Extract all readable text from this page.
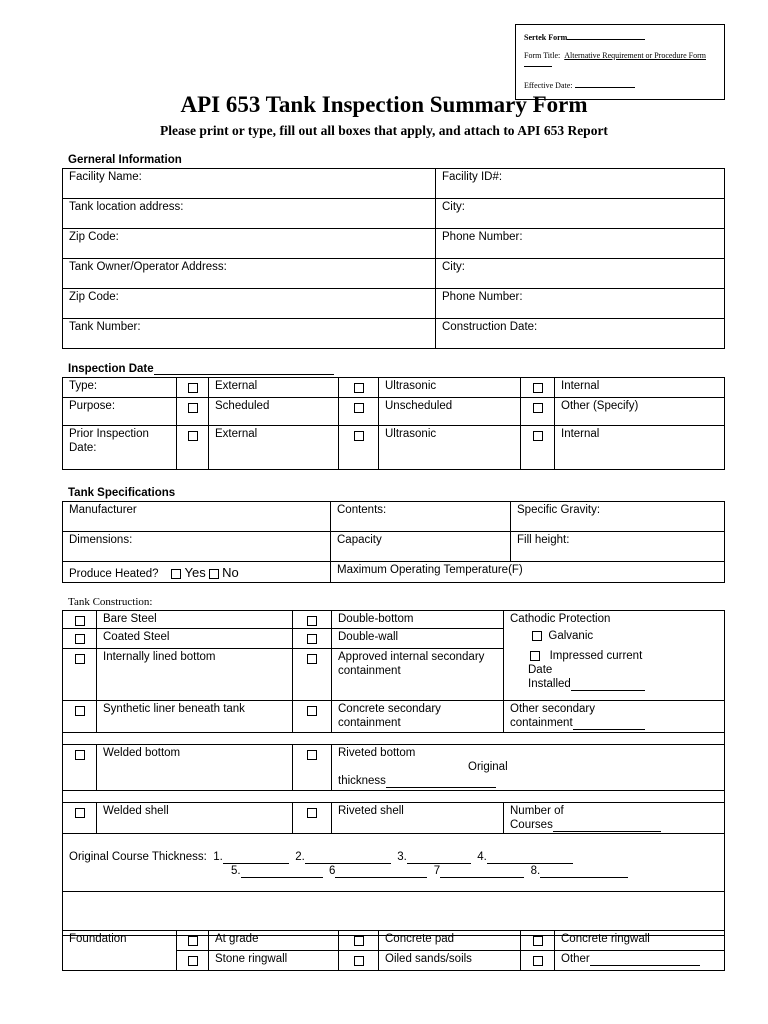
Sertek Form
Form Title: Alternative Requirement or Procedure Form
Effective Date:
API 653 Tank Inspection Summary Form
Please print or type, fill out all boxes that apply, and attach to API 653 Report
Gerneral Information
Facility Name:	Facility ID#:
Tank location address:	City:
Zip Code:	Phone Number:
Tank Owner/Operator Address:	City:
Zip Code:	Phone Number:
Tank Number:	Construction Date:
Inspection Date
Type:		External		Ultrasonic		Internal
Purpose:		Scheduled		Unscheduled		Other (Specify)
Prior Inspection Date:		External		Ultrasonic		Internal
Tank Specifications
Manufacturer	Contents:	Specific Gravity:
Dimensions:	Capacity	Fill height:
Produce Heated? Yes No	Maximum Operating Temperature(F)	
Tank Construction:
	Bare Steel		Double-bottom	Cathodic Protection
Galvanic
Impressed current
Date
Installed

	Coated Steel		Double-wall	
	Internally lined bottom		Approved internal secondary containment	
	Synthetic liner beneath tank		Concrete secondary containment	Other secondary
containment

	Welded bottom		Riveted bottom
Original
thickness	

	Welded shell		Riveted shell	Number of
Courses

Original Course Thickness: 1. 2. 3. 4.
5. 6 7 8.				

Foundation		At grade		Concrete pad		Concrete ringwall
		Stone ringwall		Oiled sands/soils		Other
